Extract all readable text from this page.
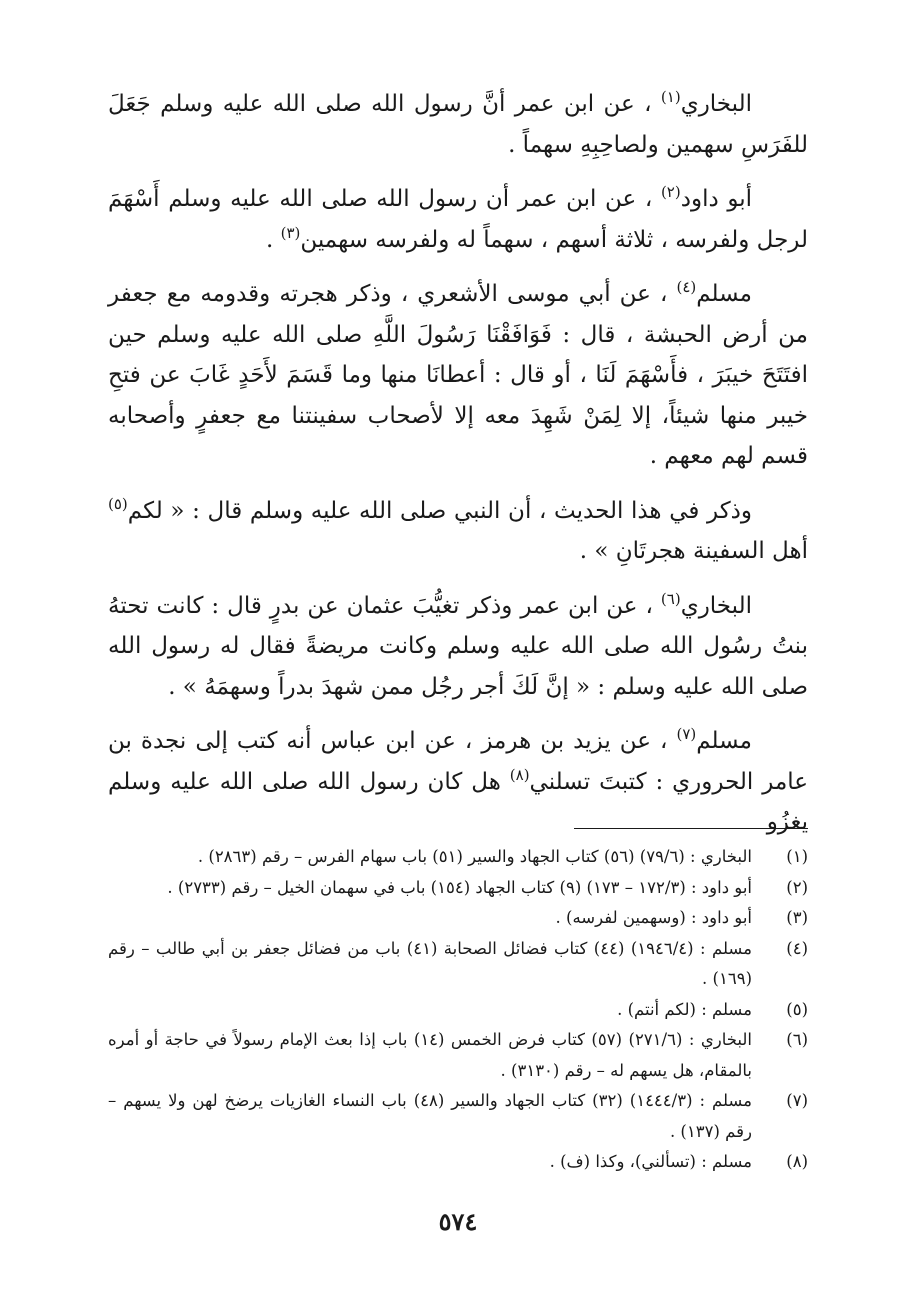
البخاري$^{(١)}$ ، عن ابن عمر أنَّ رسول الله صلى الله عليه وسلم جَعَلَ للفَرَسِ سهمين ولصاحِبِهِ سهماً .

أبو داود$^{(٢)}$ ، عن ابن عمر أن رسول الله صلى الله عليه وسلم أَسْهَمَ لرجل ولفرسه ، ثلاثة أسهم ، سهماً له ولفرسه سهمين$^{(٣)}$ .

مسلم$^{(٤)}$ ، عن أبي موسى الأشعري ، وذكر هجرته وقدومه مع جعفر من أرض الحبشة ، قال : فَوَافَقْنَا رَسُولَ اللَّهِ صلى الله عليه وسلم حين افتَتَحَ خيبَرَ ، فأَسْهَمَ لَنَا ، أو قال : أعطانَا منها وما قَسَمَ لأَحَدٍ غَابَ عن فتحِ خيبر منها شيئاً، إلا لِمَنْ شَهِدَ معه إلا لأصحاب سفينتنا مع جعفرٍ وأصحابه قسم لهم معهم .

وذكر في هذا الحديث ، أن النبي صلى الله عليه وسلم قال : « لكم$^{(٥)}$ أهل السفينة هجرتَانِ » .

البخاري$^{(٦)}$ ، عن ابن عمر وذكر تغيُّبَ عثمان عن بدرٍ قال : كانت تحتهُ بنتُ رسُول الله صلى الله عليه وسلم وكانت مريضةً فقال له رسول الله صلى الله عليه وسلم : « إنَّ لَكَ أجر رجُل ممن شهدَ بدراً وسهمَهُ » .

مسلم$^{(٧)}$ ، عن يزيد بن هرمز ، عن ابن عباس أنه كتب إلى نجدة بن عامر الحروري : كتبتَ تسلني$^{(٨)}$ هل كان رسول الله صلى الله عليه وسلم يغزُو

(١)
البخاري : (٧٩/٦) (٥٦) كتاب الجهاد والسير (٥١) باب سهام الفرس – رقم (٢٨٦٣) .
(٢)
أبو داود : (١٧٢/٣ – ١٧٣) (٩) كتاب الجهاد (١٥٤) باب في سهمان الخيل – رقم (٢٧٣٣) .
(٣)
أبو داود : (وسهمين لفرسه) .
(٤)
مسلم : (١٩٤٦/٤) (٤٤) كتاب فضائل الصحابة (٤١) باب من فضائل جعفر بن أبي طالب – رقم (١٦٩) .
(٥)
مسلم : (لكم أنتم) .
(٦)
البخاري : (٢٧١/٦) (٥٧) كتاب فرض الخمس (١٤) باب إذا بعث الإمام رسولاً في حاجة أو أمره بالمقام، هل يسهم له – رقم (٣١٣٠) .
(٧)
مسلم : (١٤٤٤/٣) (٣٢) كتاب الجهاد والسير (٤٨) باب النساء الغازيات يرضخ لهن ولا يسهم – رقم (١٣٧) .
(٨)
مسلم : (تسألني)، وكذا (ف) .
٥٧٤
